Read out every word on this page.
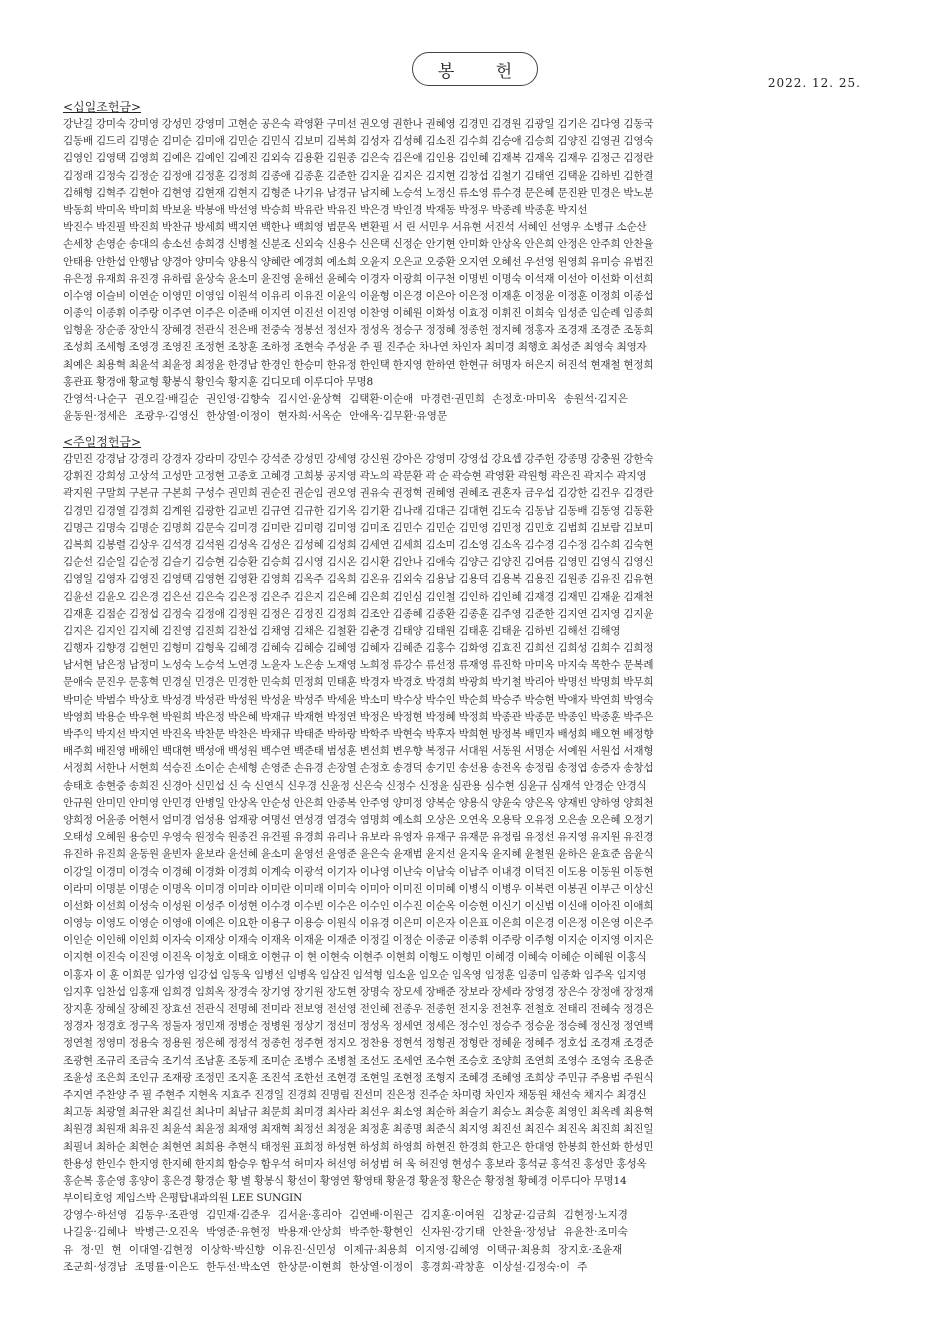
봉 헌
2022. 12. 25.
<십일조헌금>
강난길 강미숙 강미영 강성민 강영미 고현순 공은숙 곽영환 구미선 권오영 권한나 권혜영 김경민 김경원 김광일 김기은 김다영 김동국
김동배 김드리 김명순 김미순 김미애 김민순 김민식 김보미 김복희 김성자 김성혜 김소진 김수희 김승애 김승희 김양진 김영권 김영숙
김영인 김영택 김영희 김예은 김예인 김예진 김외숙 김용환 김원종 김은숙 김은애 김인용 김인혜 김재복 김재옥 김재우 김정근 김정란
김정래 김정숙 김정순 김정애 김정훈 김정희 김종애 김종훈 김준한 김지윤 김지은 김지현 김창섭 김철기 김태연 김택윤 김하빈 김한결
김해형 김혁주 김현아 김현영 김현재 김현지 김형준 나기유 남경규 남지혜 노승석 노정신 류소영 류수경 문은혜 문진완 민경은 박노분
박동희 박미옥 박미희 박보윤 박봉애 박선영 박승희 박유란 박유진 박은경 박인경 박재동 박정우 박종례 박종훈 박지선
박진수 박진필 박진희 박찬규 방세희 백지연 백한나 백희영 범문옥 변환필 서 린 서민우 서유현 서진석 서혜인 선영우 소병규 소순산
손세창 손영순 송대의 송소선 송희경 신병철 신분조 신외숙 신용수 신은택 신정순 안기현 안미화 안상옥 안은희 안정은 안주희 안찬율
안태용 안한섭 안행남 양경아 양미숙 양용식 양혜란 예경희 예소희 오윤지 오은교 오중환 오지연 오혜선 우선영 원영희 유미승 유범진
유은정 유재희 유진경 유하림 윤상숙 윤소미 윤진영 윤해선 윤혜숙 이경자 이광희 이구천 이명빈 이명숙 이석재 이선아 이선화 이선희
이수영 이슬비 이연순 이영민 이영임 이원석 이유리 이유진 이윤익 이윤형 이은경 이은아 이은정 이재훈 이정윤 이정훈 이정희 이종섭
이종익 이종휘 이주랑 이주연 이주은 이준배 이지연 이진선 이진영 이찬영 이혜원 이화성 이효정 이휘진 이희숙 임성준 임순례 임종희
임형윤 장순종 장안식 장혜경 전관식 전은배 전중숙 정봉선 정선자 정성옥 정승구 정정혜 정종헌 정지혜 정홍자 조경재 조경준 조동희
조성희 조세형 조영경 조영진 조정현 조창훈 조하정 조현숙 주성윤 주 필 진주순 차나연 차인자 최미경 최행호 최성준 최영숙 최영자
최예은 최용혁 최윤석 최윤정 최정윤 한경남 한경인 한승미 한유정 한인택 한지영 한하연 한현규 허명자 허은지 허진석 현재철 현정희
홍관표 황경애 황교형 황봉식 황인숙 황지훈 김디모데 이루디아 무명8
간영석·나순구 권오길·배길순 권인영·김향숙 김시언·윤상혁 김택환·이순애 마경련·권민희 손정호·마미옥 송원석·김지은
윤동원·정세은 조광우·김영신 한상열·이정이 현자희·서옥순 안애옥·김무환·유영문
<주일정헌금>
감민진 강경남 강경리 강경자 강라미 강민수 강석준 강성민 강세영 강신원 강아은 강영미 강영섭 강요셉 강주헌 강종명 강충원 강한숙
강휘진 강희성 고상석 고성만 고정현 고종호 고혜경 고희붕 공지영 곽노의 곽문환 곽 순 곽승현 곽영환 곽원형 곽은진 곽지수 곽지영
곽지원 구말희 구본규 구본희 구성수 권민희 권순진 권순임 권오영 권유숙 권정혁 권혜영 권혜조 권혼자 금우섭 김강한 김건우 김경란
김경민 김경열 김경희 김계원 김광한 김교빈 김규연 김규한 김기옥 김기환 김나래 김대근 김대현 김도숙 김동남 김동배 김동영 김동환
김명근 김명숙 김명순 김명희 김문숙 김미경 김미란 김미령 김미영 김미조 김민수 김민순 김민영 김민정 김민호 김범희 김보람 김보미
김복희 김봉렬 김상우 김석경 김석원 김성옥 김성은 김성혜 김성희 김세연 김세희 김소미 김소영 김소옥 김수경 김수정 김수희 김숙현
김순선 김순일 김순정 김슬기 김승현 김승환 김승희 김시영 김시온 김시환 김안나 김애숙 김양근 김양진 김여름 김영민 김영식 김영신
김영일 김영자 김영진 김영택 김영현 김영환 김영희 김옥주 김옥희 김온유 김외숙 김용남 김용덕 김용복 김용진 김원종 김유진 김유현
김윤선 김윤오 김은경 김은선 김은숙 김은정 김은주 김은지 김은혜 김은희 김인심 김인철 김인하 김인혜 김재경 김재민 김재윤 김재천
김재훈 김점순 김정섭 김정숙 김정애 김정원 김정은 김정진 김정희 김조안 김종혜 김종환 김종훈 김주영 김준한 김지연 김지영 김지윤
김지은 김지인 김지혜 김진영 김진희 김찬섭 김채영 김채은 김철환 김춘경 김태양 김태원 김태훈 김태윤 김하빈 김해선 김해영
김행자 김향경 김현민 김형미 김형욱 김혜경 김혜숙 김혜승 김혜영 김혜자 김혜준 김홍수 김화영 김효진 김희선 김희성 김희수 김희정
남서현 남은정 남정미 노성숙 노승석 노연경 노윤자 노은송 노재영 노희정 류강수 류선정 류재영 류진학 마미옥 마지숙 목한수 문복례
문애숙 문진우 문홍혁 민경실 민경은 민경한 민숙희 민정희 민태훈 박경자 박경호 박경희 박광희 박기철 박리아 박명선 박명희 박무희
박미순 박범수 박상호 박성경 박성관 박성원 박성윤 박성주 박세윤 박소미 박수상 박수인 박순희 박승주 박승현 박애자 박연희 박영숙
박영희 박용순 박우현 박원희 박은정 박은혜 박재규 박재현 박정연 박정은 박정현 박정혜 박정희 박종관 박종문 박종인 박종훈 박주은
박주익 박지선 박지연 박진옥 박찬문 박찬은 박채규 박태준 박하랑 박학주 박현숙 박후자 박희현 방정복 배민자 배성희 배오현 배정향
배주희 배진영 배해인 백대현 백성애 백성원 백수연 백준태 범성훈 변선희 변우향 복정규 서대원 서동원 서명순 서예원 서원섭 서재형
서정희 서한나 서현희 석승진 소이순 손세형 손영준 손유경 손장열 손정호 송경덕 송기민 송선용 송전옥 송정림 송정엽 송증자 송창섭
송태호 송현중 송희진 신경아 신민섭 신 숙 신연식 신우경 신윤정 신은숙 신정수 신정윤 심관용 심수현 심윤규 심재석 안경순 안경식
안규원 안미민 안미영 안민경 안병일 안상옥 안순성 안은희 안종복 안주영 양미정 양복순 양용식 양윤숙 양은옥 양재빈 양하영 양희천
양희정 어윤종 어현서 엄미경 엄성용 엄재광 여명선 연성경 염경숙 염명희 예소희 오상은 오연옥 오용탁 오유정 오은솔 오은혜 오정기
오태성 오혜원 용승민 우영숙 원정숙 원종건 유건필 유경희 유리나 유보라 유영자 유재구 유재문 유정림 유정선 유지영 유지원 유진경
유진하 유진희 윤동원 윤빈자 윤보라 윤선혜 윤소미 윤영선 윤영준 윤은숙 윤재범 윤지선 윤지욱 윤지혜 윤철원 윤하은 윤효준 음윤식
이강일 이경미 이경숙 이경혜 이경화 이경희 이계숙 이광석 이기자 이나영 이난숙 이남숙 이남주 이내경 이덕진 이도용 이동원 이동현
이라미 이명분 이명순 이명옥 이미경 이미라 이미란 이미래 이미숙 이미아 이미진 이미혜 이병식 이병우 이복련 이봉권 이부근 이상신
이선화 이선희 이성숙 이성원 이성주 이성현 이수경 이수빈 이수은 이수인 이수진 이순옥 이승현 이신기 이신범 이신애 이아진 이애희
이영능 이영도 이영순 이영애 이예은 이요한 이용구 이용승 이원식 이유경 이은미 이은자 이은표 이은희 이은경 이은정 이은영 이은주
이인순 이인해 이인희 이자숙 이재상 이재숙 이재옥 이재윤 이재준 이정길 이정순 이종균 이종휘 이주랑 이주형 이지순 이지영 이지은
이지현 이진숙 이진영 이진옥 이청호 이태호 이현규 이 현 이현숙 이현주 이현희 이형도 이형민 이혜경 이혜숙 이혜순 이혜원 이홍식
이홍자 이 훈 이희문 임가영 임강섭 임동욱 임병선 임병옥 임삼진 임석형 임소윤 임오순 임옥영 임정훈 임종미 임종화 임주옥 임지영
임지후 임찬섭 임홍재 임희경 임희옥 장경숙 장기영 장기원 장도현 장명숙 장모세 장배준 장보라 장세라 장영경 장은수 장정애 장정재
장지훈 장혜실 장혜진 장효선 전관식 전명혜 전미라 전보영 전선영 전인혜 전종우 전종헌 전지웅 전천후 전철호 전태리 전혜숙 정경은
정경자 정경호 정구옥 정둘자 정민재 정병순 정병원 정상기 정선미 정성옥 정세연 정세은 정수인 정승주 정승윤 정승혜 정신정 정연백
정연철 정영미 정용숙 정용원 정은혜 정정석 정종헌 정주현 정지오 정찬용 정현석 정형권 정형란 정혜윤 정혜주 정호섭 조경재 조경준
조광현 조규리 조금숙 조기석 조남훈 조동제 조미순 조병수 조병철 조선도 조세연 조수현 조승호 조양희 조연희 조영수 조영숙 조용준
조윤성 조은희 조인규 조재광 조정민 조지훈 조진석 조한선 조현경 조현일 조현정 조형지 조혜경 조혜영 조희상 주민규 주용범 주원식
주지연 주찬양 주 필 주현주 지현옥 지효주 진경일 진경희 진명림 진선미 진은정 진주순 차미령 차인자 채동원 채선숙 채지수 최경신
최고동 최광열 최규완 최길선 최나미 최남규 최문희 최미경 최사라 최선우 최소영 최순하 최슬기 최승노 최승훈 최영인 최옥례 최용혁
최원경 최원재 최유진 최윤석 최윤정 최재영 최재혁 최정선 최정윤 최정훈 최종명 최준식 최지영 최진선 최진수 최진옥 최진희 최진일
최필녀 최하순 최현순 최현연 최희용 추현식 태정원 표희정 하성현 하성희 하영희 하현진 한경희 한고은 한대영 한봉희 한선화 한성민
한용성 한인수 한지영 한지혜 한지희 함승우 함우석 허미자 허선영 허성범 허 욱 허진영 현성수 홍보라 홍석균 홍석진 홍성만 홍성옥
홍순복 홍순영 홍양이 홍은경 황경순 황 별 황봉식 황선이 황영연 황영태 황윤경 황윤정 황은순 황정철 황혜경 이루디아 무명14
부이티호엉 제임스박 은평탑내과의원 LEE SUNGIN
강영수·하선영 김동우·조관영 김민재·김준우 김서윤·홍리아 김연배·이원근 김지훈·이여원 김창균·김금희 김현정·노지경
나길웅·김혜나 박병근·오진옥 박영준·유현정 박용재·안상희 박주한·황현인 신자원·강기태 안찬율·장성남 유윤찬·조미숙
유 정·민 현 이대열·김현정 이상학·박신향 이유진·신민성 이제규·최용희 이지영·김혜영 이택규·최용희 장지호·조윤재
조군희·성경남 조명률·이은도 한두선·박소연 한상문·이현희 한상열·이정이 홍경희·곽창훈 이상설·김정숙·이 주
